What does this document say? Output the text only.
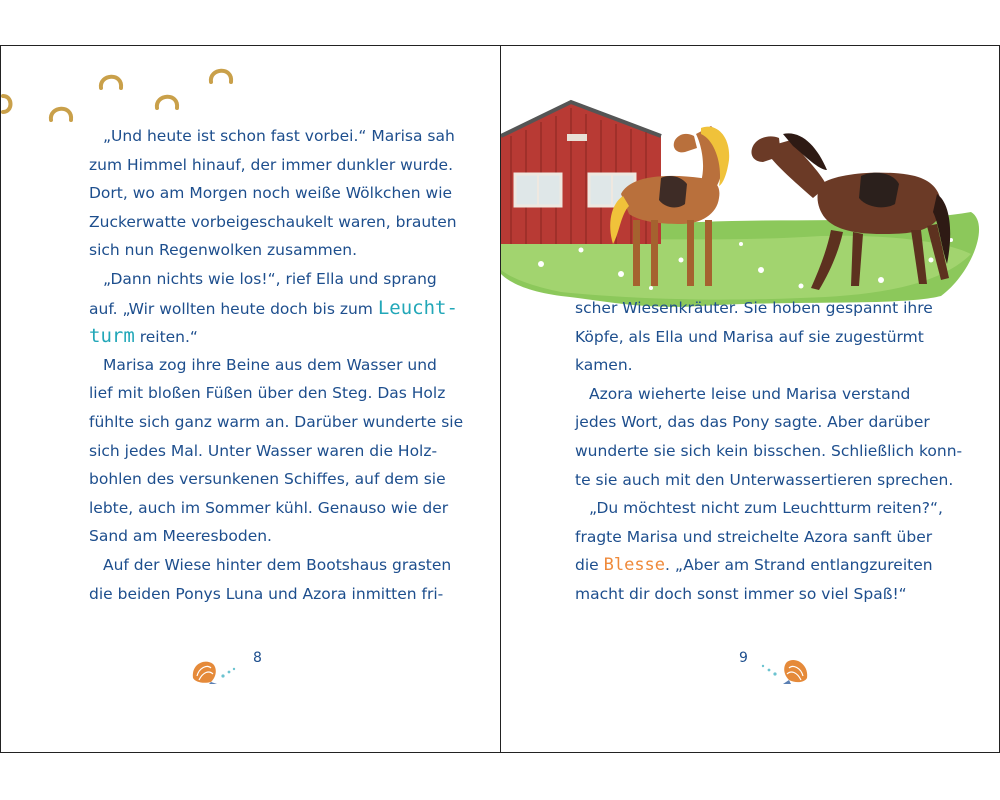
„Und heute ist schon fast vorbei.“ Marisa sah
zum Himmel hinauf, der immer dunkler wurde.
Dort, wo am Morgen noch weiße Wölkchen wie
Zuckerwatte vorbeigeschaukelt waren, brauten
sich nun Regenwolken zusammen.
„Dann nichts wie los!“, rief Ella und sprang
auf. „Wir wollten heute doch bis zum Leucht-
turm reiten.“
Marisa zog ihre Beine aus dem Wasser und
lief mit bloßen Füßen über den Steg. Das Holz
fühlte sich ganz warm an. Darüber wunderte sie
sich jedes Mal. Unter Wasser waren die Holz-
bohlen des versunkenen Schiffes, auf dem sie
lebte, auch im Sommer kühl. Genauso wie der
Sand am Meeresboden.
Auf der Wiese hinter dem Bootshaus grasten
die beiden Ponys Luna und Azora inmitten fri-
8
scher Wiesenkräuter. Sie hoben gespannt ihre
Köpfe, als Ella und Marisa auf sie zugestürmt
kamen.
Azora wieherte leise und Marisa verstand
jedes Wort, das das Pony sagte. Aber darüber
wunderte sie sich kein bisschen. Schließlich konn-
te sie auch mit den Unterwassertieren sprechen.
„Du möchtest nicht zum Leuchtturm reiten?“,
fragte Marisa und streichelte Azora sanft über
die Blesse. „Aber am Strand entlangzureiten
macht dir doch sonst immer so viel Spaß!“
9
